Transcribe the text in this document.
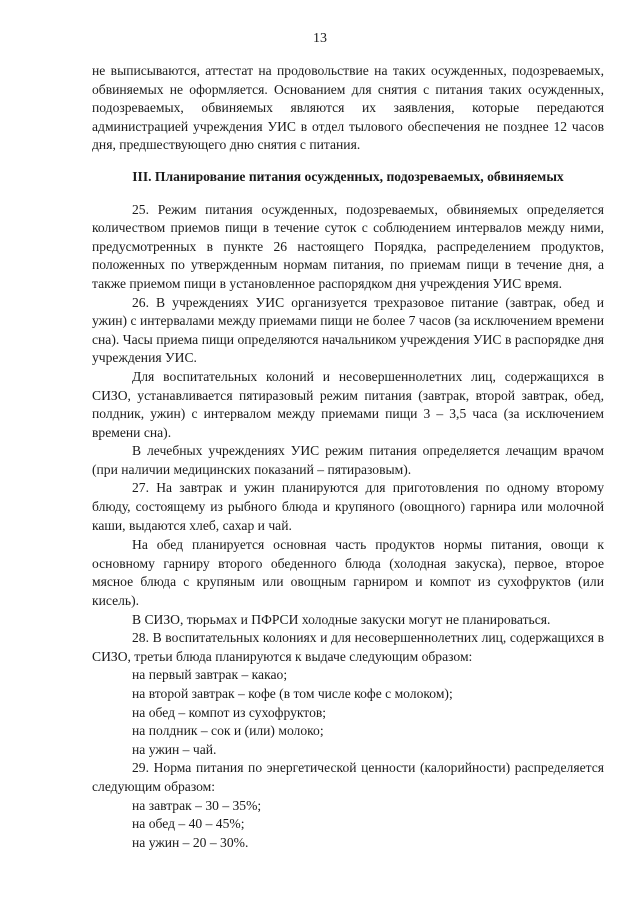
13

не выписываются, аттестат на продовольствие на таких осужденных, подозреваемых, обвиняемых не оформляется. Основанием для снятия с питания таких осужденных, подозреваемых, обвиняемых являются их заявления, которые передаются администрацией учреждения УИС в отдел тылового обеспечения не позднее 12 часов дня, предшествующего дню снятия с питания.

III. Планирование питания осужденных, подозреваемых, обвиняемых

25. Режим питания осужденных, подозреваемых, обвиняемых определяется количеством приемов пищи в течение суток с соблюдением интервалов между ними, предусмотренных в пункте 26 настоящего Порядка, распределением продуктов, положенных по утвержденным нормам питания, по приемам пищи в течение дня, а также приемом пищи в установленное распорядком дня учреждения УИС время.

26. В учреждениях УИС организуется трехразовое питание (завтрак, обед и ужин) с интервалами между приемами пищи не более 7 часов (за исключением времени сна). Часы приема пищи определяются начальником учреждения УИС в распорядке дня учреждения УИС.

Для воспитательных колоний и несовершеннолетних лиц, содержащихся в СИЗО, устанавливается пятиразовый режим питания (завтрак, второй завтрак, обед, полдник, ужин) с интервалом между приемами пищи 3 – 3,5 часа (за исключением времени сна).

В лечебных учреждениях УИС режим питания определяется лечащим врачом (при наличии медицинских показаний – пятиразовым).

27. На завтрак и ужин планируются для приготовления по одному второму блюду, состоящему из рыбного блюда и крупяного (овощного) гарнира или молочной каши, выдаются хлеб, сахар и чай.

На обед планируется основная часть продуктов нормы питания, овощи к основному гарниру второго обеденного блюда (холодная закуска), первое, второе мясное блюда с крупяным или овощным гарниром и компот из сухофруктов (или кисель).

В СИЗО, тюрьмах и ПФРСИ холодные закуски могут не планироваться.

28. В воспитательных колониях и для несовершеннолетних лиц, содержащихся в СИЗО, третьи блюда планируются к выдаче следующим образом:

на первый завтрак – какао;

на второй завтрак – кофе (в том числе кофе с молоком);

на обед – компот из сухофруктов;

на полдник – сок и (или) молоко;

на ужин – чай.

29. Норма питания по энергетической ценности (калорийности) распределяется следующим образом:

на завтрак – 30 – 35%;

на обед – 40 – 45%;

на ужин – 20 – 30%.
